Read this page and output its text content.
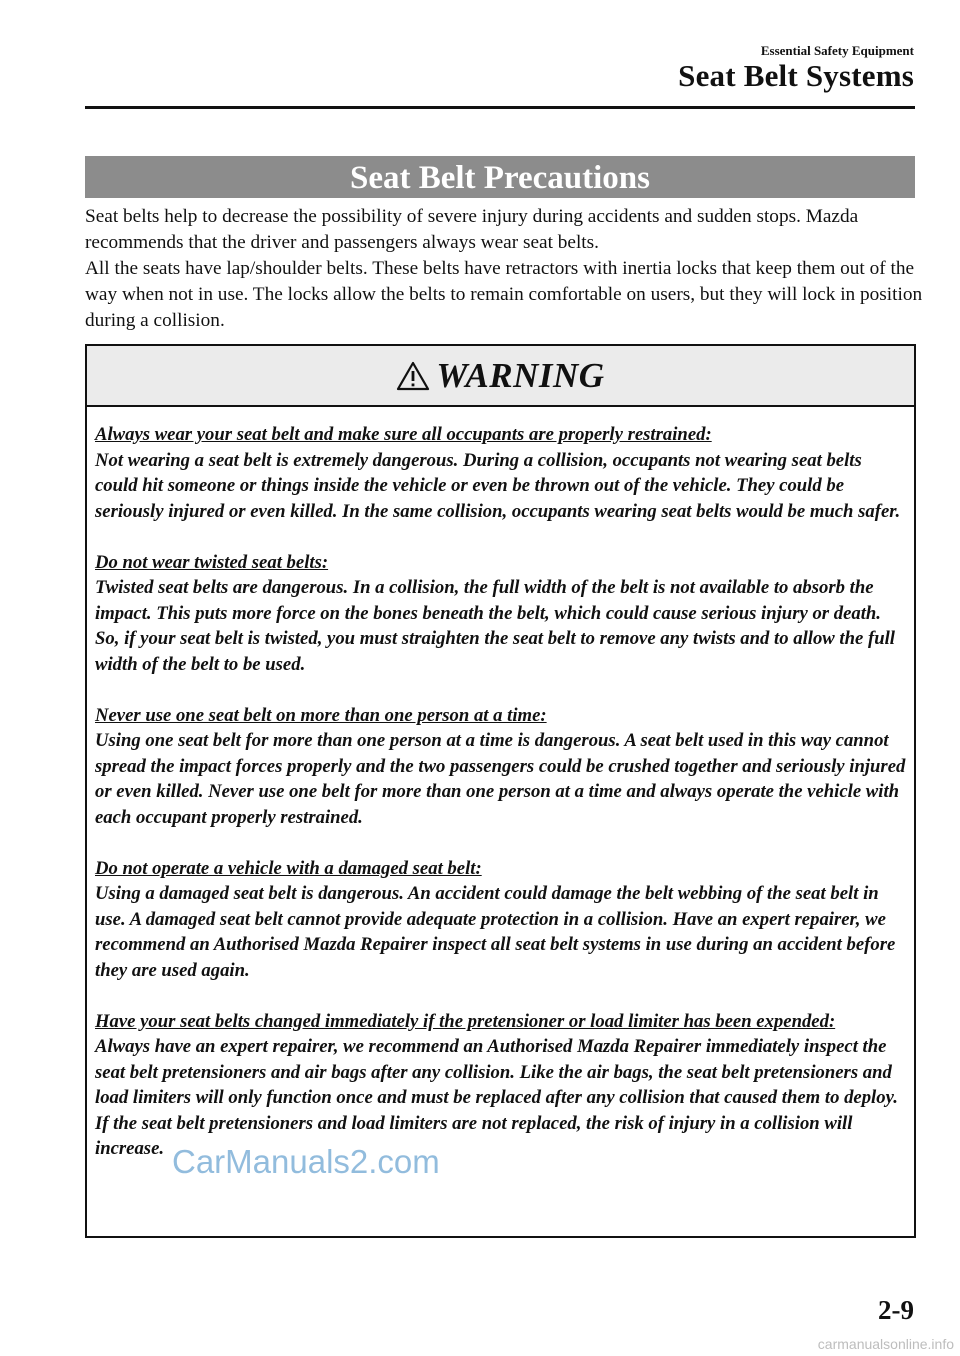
Essential Safety Equipment
Seat Belt Systems
Seat Belt Precautions

Seat belts help to decrease the possibility of severe injury during accidents and sudden stops. Mazda recommends that the driver and passengers always wear seat belts.

All the seats have lap/shoulder belts. These belts have retractors with inertia locks that keep them out of the way when not in use. The locks allow the belts to remain comfortable on users, but they will lock in position during a collision.

WARNING

Always wear your seat belt and make sure all occupants are properly restrained:

Not wearing a seat belt is extremely dangerous. During a collision, occupants not wearing seat belts could hit someone or things inside the vehicle or even be thrown out of the vehicle. They could be seriously injured or even killed. In the same collision, occupants wearing seat belts would be much safer.

Do not wear twisted seat belts:

Twisted seat belts are dangerous. In a collision, the full width of the belt is not available to absorb the impact. This puts more force on the bones beneath the belt, which could cause serious injury or death. So, if your seat belt is twisted, you must straighten the seat belt to remove any twists and to allow the full width of the belt to be used.

Never use one seat belt on more than one person at a time:

Using one seat belt for more than one person at a time is dangerous. A seat belt used in this way cannot spread the impact forces properly and the two passengers could be crushed together and seriously injured or even killed. Never use one belt for more than one person at a time and always operate the vehicle with each occupant properly restrained.

Do not operate a vehicle with a damaged seat belt:

Using a damaged seat belt is dangerous. An accident could damage the belt webbing of the seat belt in use. A damaged seat belt cannot provide adequate protection in a collision. Have an expert repairer, we recommend an Authorised Mazda Repairer inspect all seat belt systems in use during an accident before they are used again.

Have your seat belts changed immediately if the pretensioner or load limiter has been expended:

Always have an expert repairer, we recommend an Authorised Mazda Repairer immediately inspect the seat belt pretensioners and air bags after any collision. Like the air bags, the seat belt pretensioners and load limiters will only function once and must be replaced after any collision that caused them to deploy. If the seat belt pretensioners and load limiters are not replaced, the risk of injury in a collision will increase. CarManuals2.com
2-9
carmanualsonline.info
